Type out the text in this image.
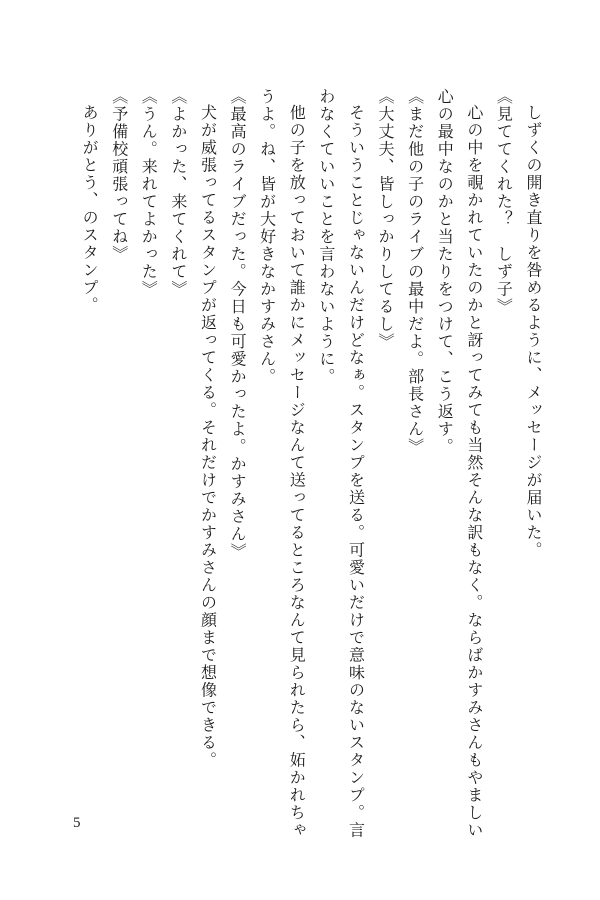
しずくの開き直りを咎めるように、メッセージが届いた。
《見ててくれた？　しず子》
心の中を覗かれていたのかと訝ってみても当然そんな訳もなく。ならばかすみさんもやましい
心の最中なのかと当たりをつけて、こう返す。
《まだ他の子のライブの最中だよ。部長さん》
《大丈夫、皆しっかりしてるし》
そういうことじゃないんだけどなぁ。スタンプを送る。可愛いだけで意味のないスタンプ。言
わなくていいことを言わないように。
他の子を放っておいて誰かにメッセージなんて送ってるところなんて見られたら、妬かれちゃ
うよ。ね、皆が大好きなかすみさん。
《最高のライブだった。今日も可愛かったよ。かすみさん》
犬が威張ってるスタンプが返ってくる。それだけでかすみさんの顔まで想像できる。
《よかった、来てくれて》
《うん。来れてよかった》
《予備校頑張ってね》
ありがとう、のスタンプ。
5
